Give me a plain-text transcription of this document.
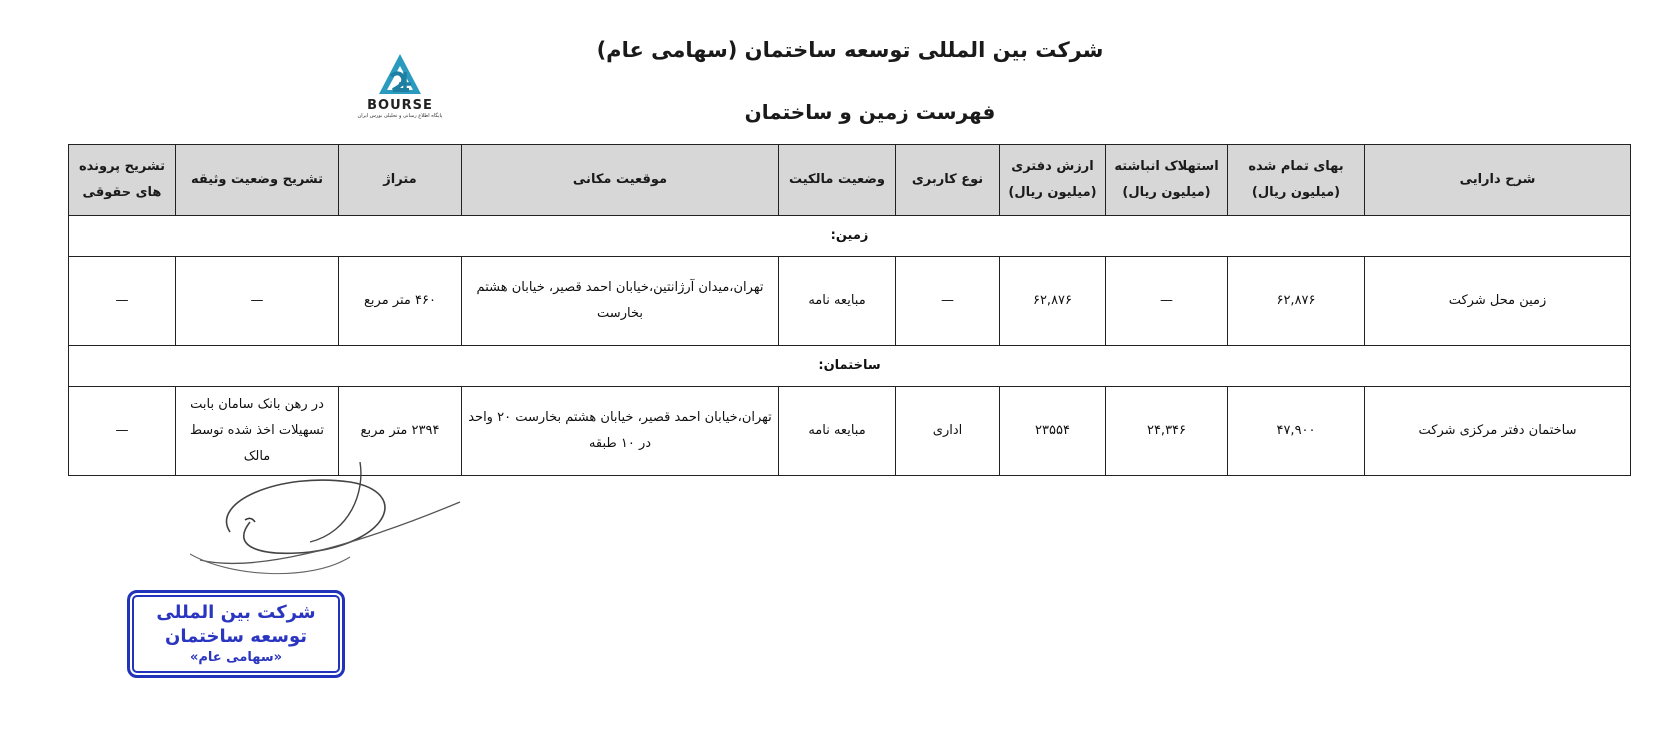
شرکت بین المللی توسعه ساختمان (سهامی عام)
فهرست زمین و ساختمان
BOURSE
پایگاه اطلاع رسانی و تحلیلی بورس ایران
شرح دارایی	بهای تمام شده (میلیون ریال)	استهلاک انباشته (میلیون ریال)	ارزش دفتری (میلیون ریال)	نوع کاربری	وضعیت مالکیت	موقعیت مکانی	متراژ	تشریح وضعیت وثیقه	تشریح پرونده های حقوقی
زمین:									
زمین محل شرکت	۶۲,۸۷۶	—	۶۲,۸۷۶	—	مبایعه نامه	تهران،میدان آرژانتین،خیابان احمد قصیر، خیابان هشتم بخارست	۴۶۰ متر مربع	—	—
ساختمان:									
ساختمان دفتر مرکزی شرکت	۴۷,۹۰۰	۲۴,۳۴۶	۲۳۵۵۴	اداری	مبایعه نامه	تهران،خیابان احمد قصیر، خیابان هشتم بخارست ۲۰ واحد در ۱۰ طبقه	۲۳۹۴ متر مربع	در رهن بانک سامان بابت تسهیلات اخذ شده توسط مالک	—
شرکت بین المللی
توسعه ساختمان
«سهامی عام»
